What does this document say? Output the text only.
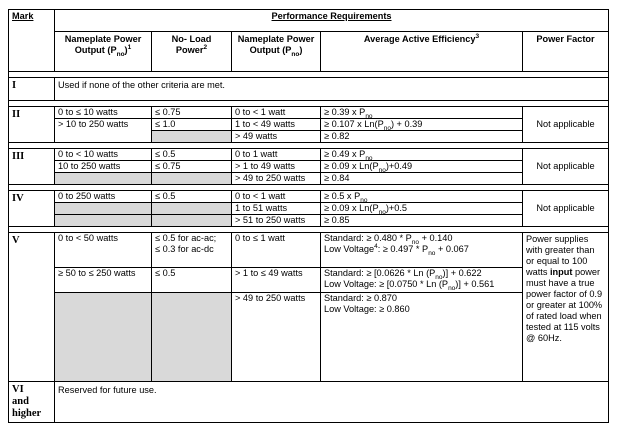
Mark	Performance Requirements				
	Nameplate Power Output $(P_{no})^1$	No- Load Power$^2$	Nameplate Power Output $(P_{no})$	Average Active Efficiency$^3$	Power Factor

I	Used if none of the other criteria are met.				

II	0 to ≤ 10 watts	≤ 0.75	0 to < 1 watt	≥ 0.39 x $P_{no}$	Not applicable
	> 10 to 250 watts	≤ 1.0	1 to < 49 watts	≥ 0.107 x $Ln(P_{no}) + 0.39$	
			> 49 watts	≥ 0.82	

III	0 to < 10 watts	≤ 0.5	0 to 1 watt	≥ 0.49 x $P_{no}$	Not applicable
	10 to 250 watts	≤ 0.75	> 1 to 49 watts	≥ 0.09 x $Ln(P_{no})+0.49$	
			> 49 to 250 watts	≥ 0.84	

IV	0 to 250 watts	≤ 0.5	0 to < 1 watt	≥ 0.5 x $P_{no}$	Not applicable
			1 to 51 watts	≥ 0.09 x $Ln(P_{no})+0.5$	
			> 51 to 250 watts	≥ 0.85	

V	0 to < 50 watts	≤ 0.5 for ac-ac;
≤ 0.3 for ac-dc	0 to ≤ 1 watt	Standard: ≥ $0.480 * P_{no} + 0.140$
Low Voltage$^4$: ≥ $0.497 * P_{no} + 0.067$	Power supplies with greater than or equal to 100 watts input power must have a true power factor of 0.9 or greater at 100% of rated load when tested at 115 volts @ 60Hz.
	≥ 50 to ≤ 250 watts	≤ 0.5	> 1 to ≤ 49 watts	Standard: ≥ [0.0626 * Ln $(P_{no})] + 0.622$
Low Voltage: ≥ [0.0750 * Ln $(P_{no})] + 0.561$	
			> 49 to 250 watts	Standard: ≥ 0.870
Low Voltage: ≥ 0.860	
VI
and
higher	Reserved for future use.				
